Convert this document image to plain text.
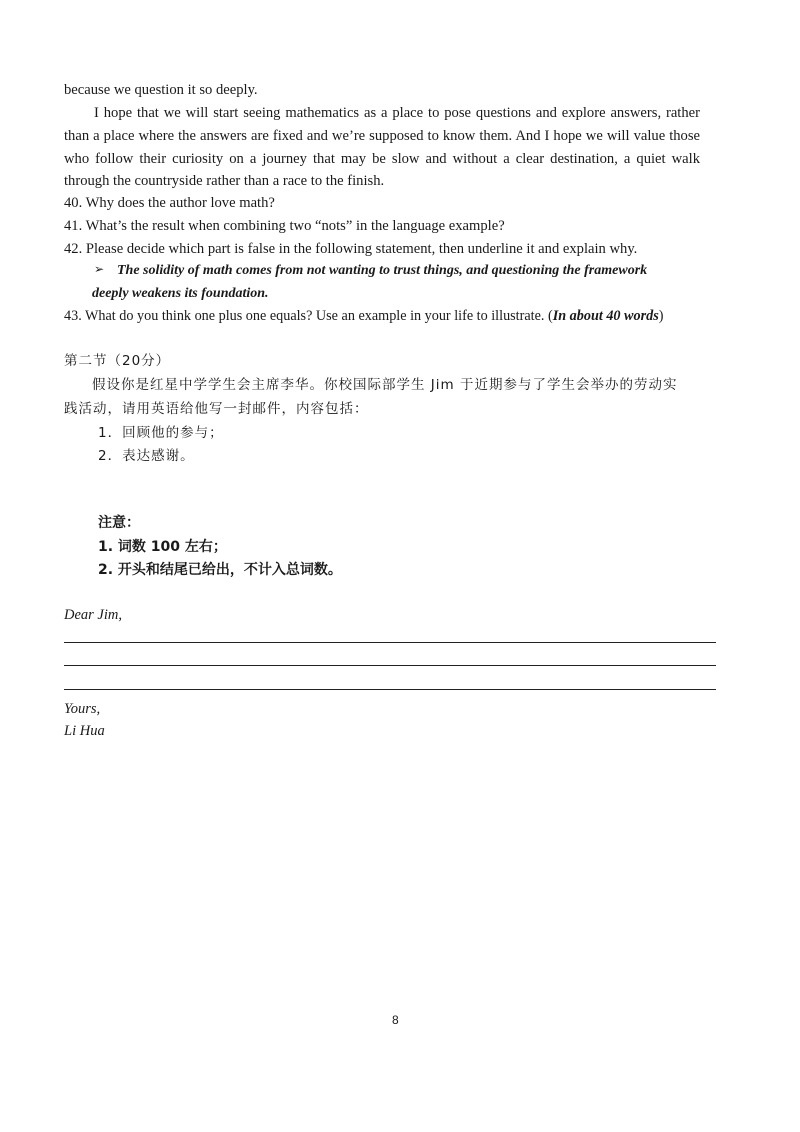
because we question it so deeply.
I hope that we will start seeing mathematics as a place to pose questions and explore answers, rather
than a place where the answers are fixed and we’re supposed to know them. And I hope we will value those
who follow their curiosity on a journey that may be slow and without a clear destination, a quiet walk
through the countryside rather than a race to the finish.
40. Why does the author love math?
41. What’s the result when combining two “nots” in the language example?
42. Please decide which part is false in the following statement, then underline it and explain why.
➢ The solidity of math comes from not wanting to trust things, and questioning the framework
deeply weakens its foundation.
43. What do you think one plus one equals? Use an example in your life to illustrate. (In about 40 words)
第二节（20分）
假设你是红星中学学生会主席李华。你校国际部学生 Jim 于近期参与了学生会举办的劳动实
践活动，请用英语给他写一封邮件，内容包括：
1．回顾他的参与；
2．表达感谢。
注意：
1. 词数 100 左右；
2. 开头和结尾已给出，不计入总词数。
Dear Jim,
Yours,
Li Hua
8
